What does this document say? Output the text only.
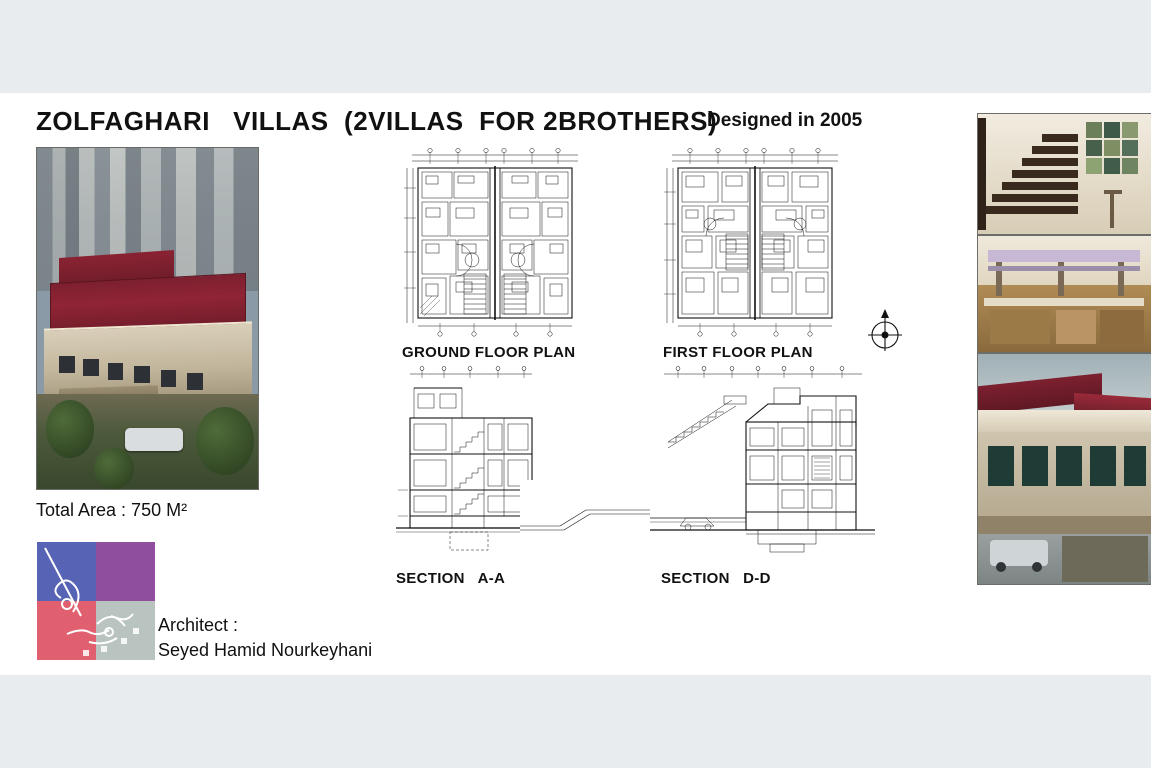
ZOLFAGHARI   VILLAS  (2VILLAS  FOR 2BROTHERS)
Designed in 2005
Total Area : 750 M²
Architect :
Seyed Hamid Nourkeyhani
GROUND FLOOR PLAN	FIRST FLOOR PLAN
SECTION   A-A	SECTION   D-D
